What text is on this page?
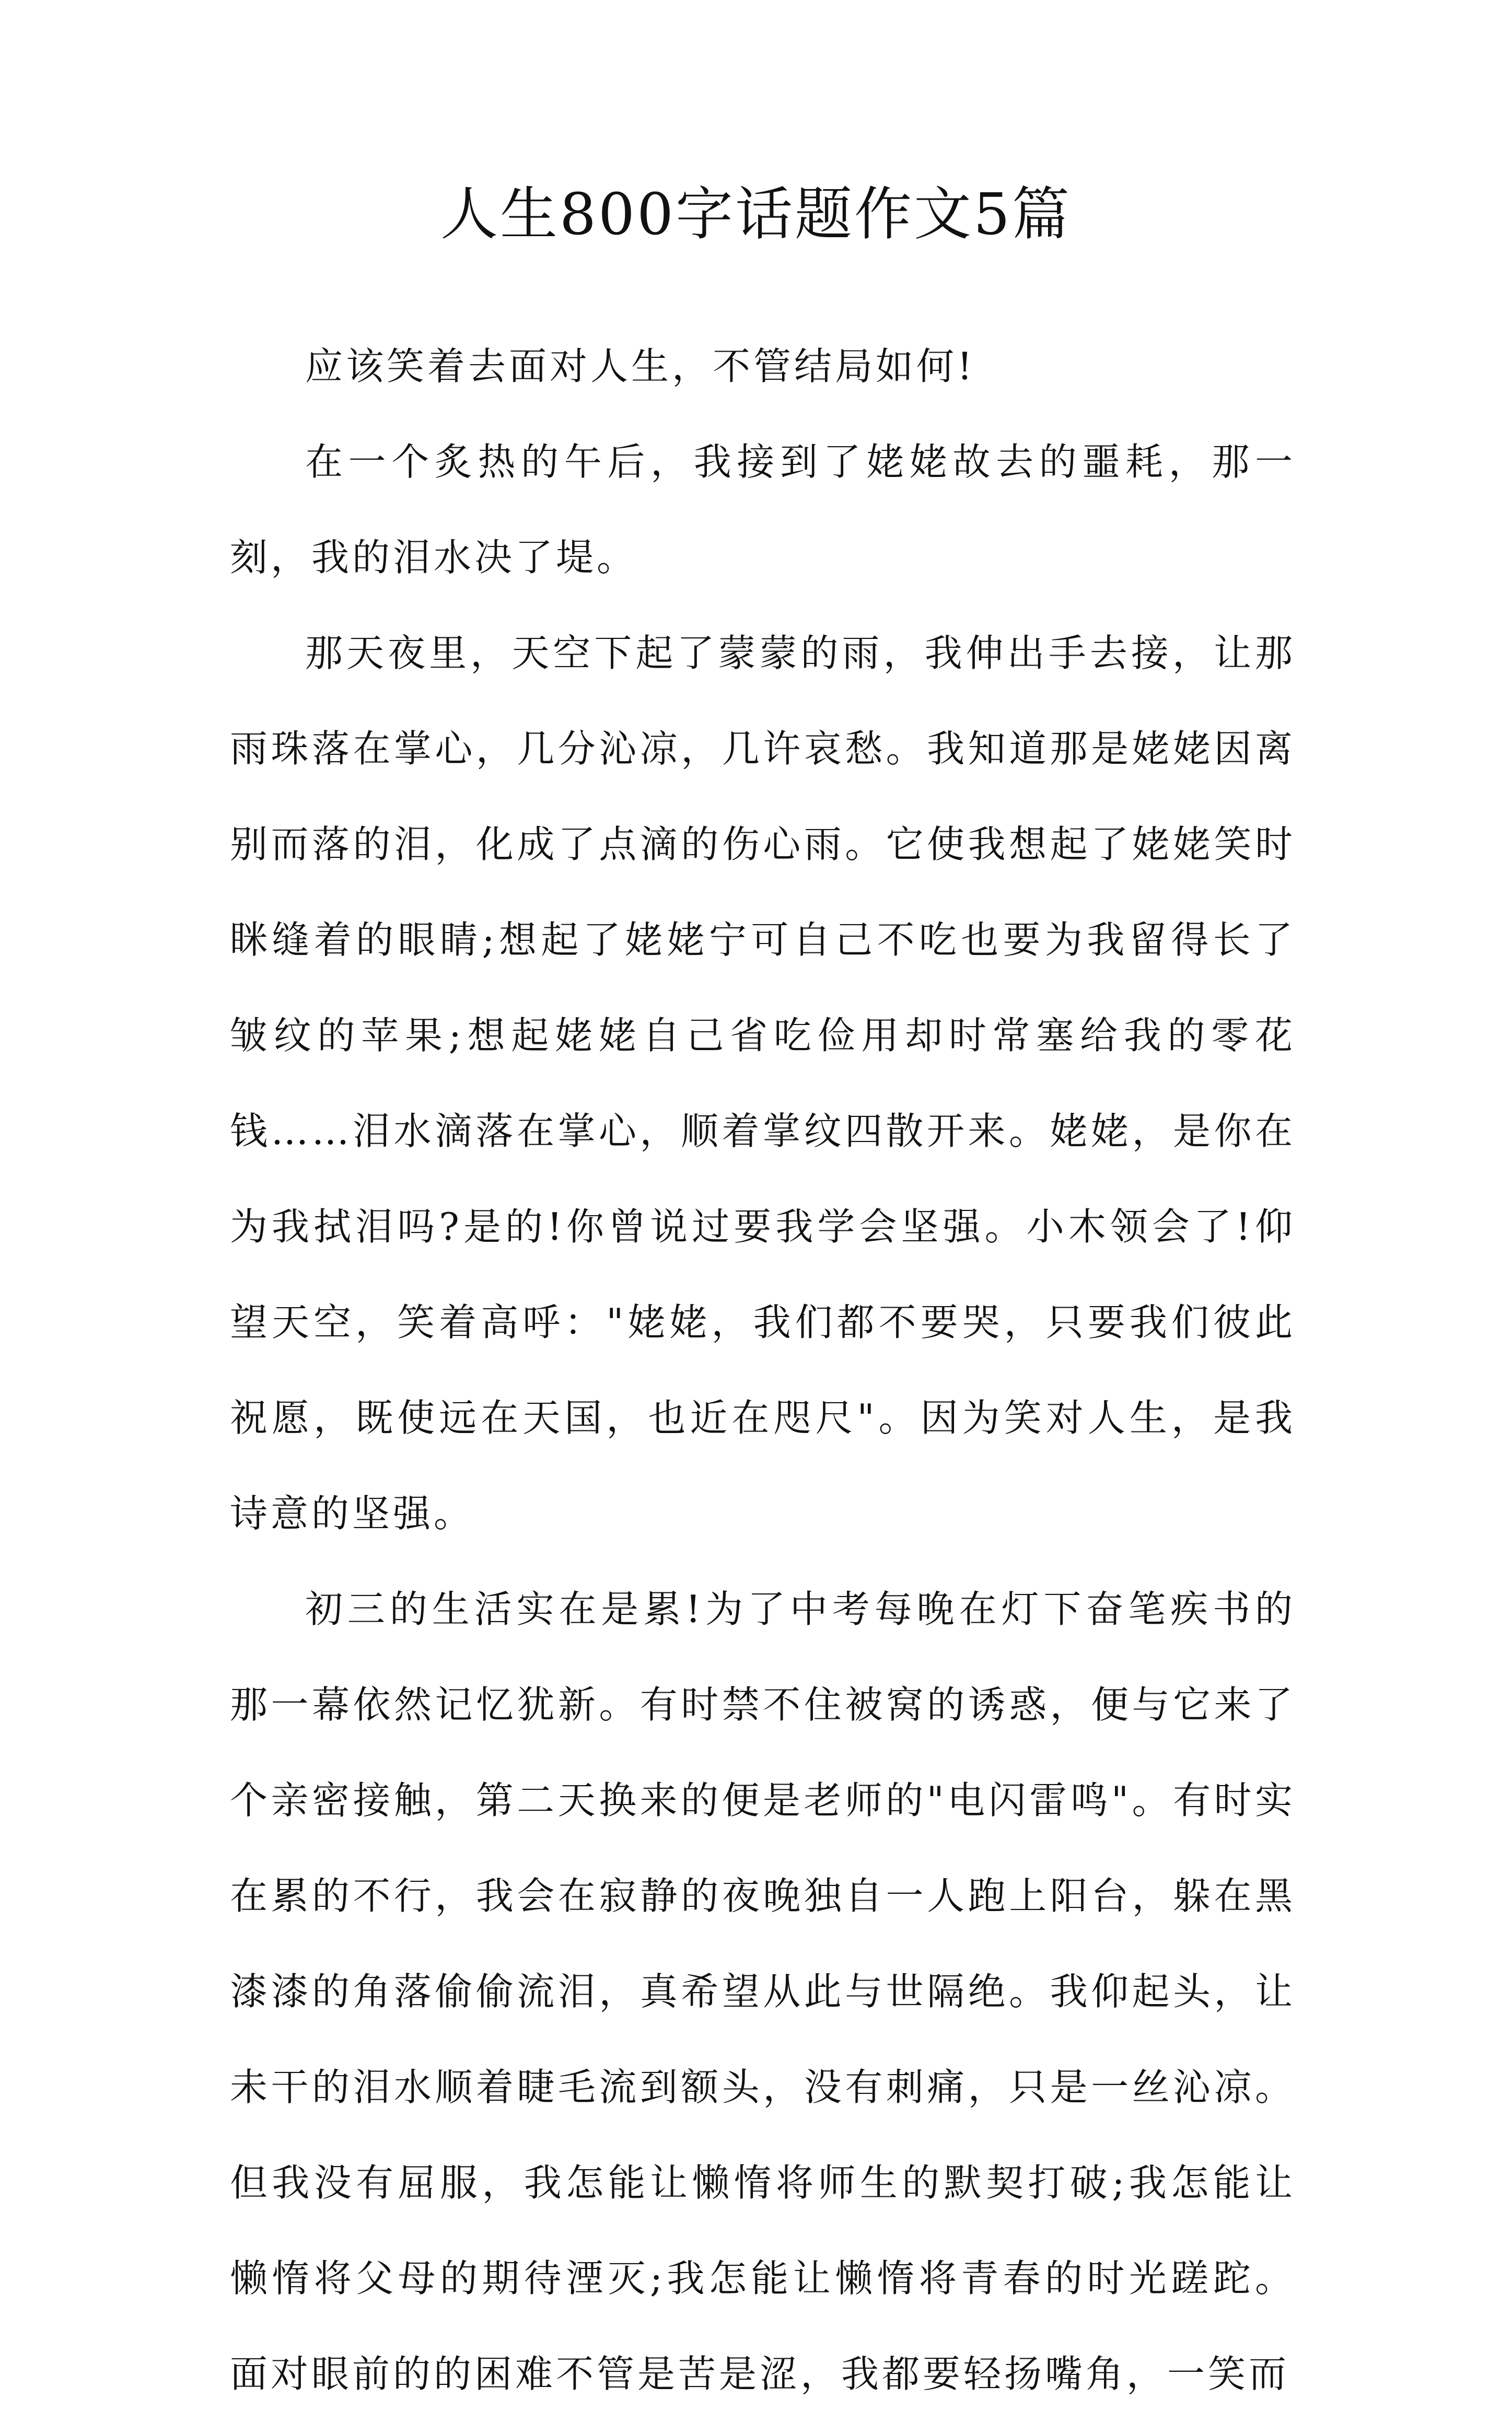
人生800字话题作文5篇

应该笑着去面对人生，不管结局如何!

在一个炙热的午后，我接到了姥姥故去的噩耗，那一刻，我的泪水决了堤。

那天夜里，天空下起了蒙蒙的雨，我伸出手去接，让那雨珠落在掌心，几分沁凉，几许哀愁。我知道那是姥姥因离别而落的泪，化成了点滴的伤心雨。它使我想起了姥姥笑时眯缝着的眼睛;想起了姥姥宁可自己不吃也要为我留得长了皱纹的苹果;想起姥姥自己省吃俭用却时常塞给我的零花钱……泪水滴落在掌心，顺着掌纹四散开来。姥姥，是你在为我拭泪吗?是的!你曾说过要我学会坚强。小木领会了!仰望天空，笑着高呼："姥姥，我们都不要哭，只要我们彼此祝愿，既使远在天国，也近在咫尺"。因为笑对人生，是我诗意的坚强。

初三的生活实在是累!为了中考每晚在灯下奋笔疾书的那一幕依然记忆犹新。有时禁不住被窝的诱惑，便与它来了个亲密接触，第二天换来的便是老师的"电闪雷鸣"。有时实在累的不行，我会在寂静的夜晚独自一人跑上阳台，躲在黑漆漆的角落偷偷流泪，真希望从此与世隔绝。我仰起头，让未干的泪水顺着睫毛流到额头，没有刺痛，只是一丝沁凉。但我没有屈服，我怎能让懒惰将师生的默契打破;我怎能让懒惰将父母的期待湮灭;我怎能让懒惰将青春的时光蹉跎。面对眼前的的困难不管是苦是涩，我都要轻扬嘴角，一笑而
